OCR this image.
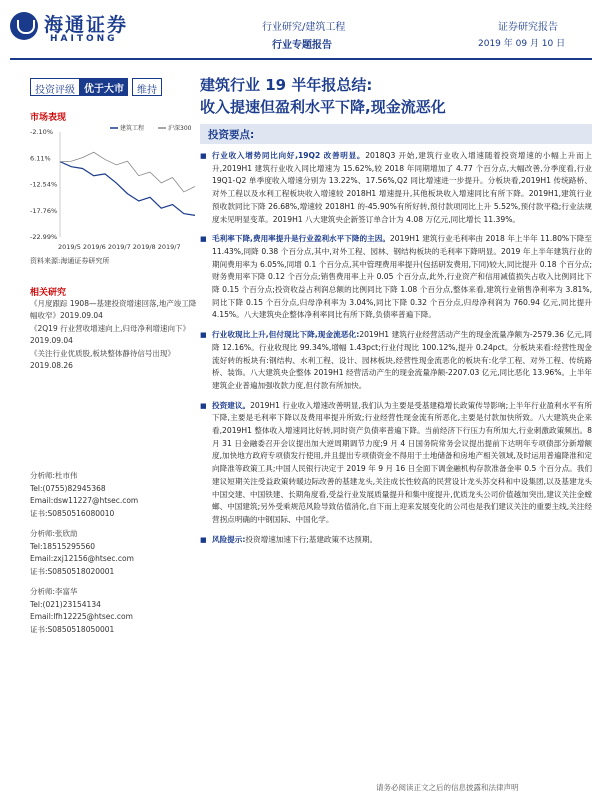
海通证券
HAITONG
行业研究/建筑工程
行业专题报告
证券研究报告
2019 年 09 月 10 日
投资评级 优于大市	维持	建筑行业 19 半年报总结:
收入提速但盈利水平下降,现金流恶化
市场表现
-2.10%
6.11%
-12.54%
-17.76%
-22.99%
建筑工程	沪深300
2019/5 2019/6 2019/7 2019/8 2019/7
资料来源:海通证券研究所
相关研究
《月度跟踪 1908—基建投资增速回落,地产竣工降幅收窄》2019.09.04
《2Q19 行业营收增速向上,归母净利增速向下》2019.09.04
《关注行业优质股,板块整体静待信号出现》2019.08.26
分析师:杜市伟
Tel:(0755)82945368
Email:dsw11227@htsec.com
证书:S0850516080010
分析师:张欣劼
Tel:18515295560
Email:zxj12156@htsec.com
证书:S0850518020001
分析师:李富华
Tel:(021)23154134
Email:lfh12225@htsec.com
证书:S0850518050001
投资要点:
■ 行业收入增势同比向好,19Q2 改善明显。2018Q3 开始,建筑行业收入增速随着投资增速的小幅上升而上升,2019H1 建筑行业收入同比增速为 15.62%,较 2018 年同期增加了 4.77 个百分点,大幅改善,分季度看,行业 19Q1-Q2 单季度收入增速分别为 13.22%、17.56%,Q2 同比增速进一步提升。分板块看,2019H1 传统路桥、对外工程以及水利工程板块收入增速较 2018H1 增速提升,其他板块收入增速同比有所下降。2019H1,建筑行业预收款同比下降 26.68%,增速较 2018H1 的-45.90%有所好转,预付款项同比上升 5.52%,预付款平稳;行业法规度未见明显变革。2019H1 八大建筑央企新签订单合计为 4.08 万亿元,同比增长 11.39%。
■ 毛利率下降,费用率提升是行业盈利水平下降的主因。2019H1 建筑行业毛利率由 2018 年上半年 11.80%下降至 11.43%,同降 0.38 个百分点,其中,对外工程、园林、钢结构板块的毛利率下降明显。2019 年上半年建筑行业的期间费用率为 6.05%,同增 0.1 个百分点,其中管理费用率提升(包括研发费用,下同)较大,同比提升 0.18 个百分点;财务费用率下降 0.12 个百分点;销售费用率上升 0.05 个百分点,此外,行业资产和信用减值损失占收入比例同比下降 0.15 个百分点;投资收益占利润总额的比例同比下降 1.08 个百分点,整体来看,建筑行业销售净利率为 3.81%,同比下降 0.15 个百分点,归母净利率为 3.04%,同比下降 0.32 个百分点,归母净利润为 760.94 亿元,同比提升 4.15%。八大建筑央企整体净利率同比有所下降,负债率普遍下降。
■ 行业收现比上升,但付现比下降,现金流恶化:2019H1 建筑行业经营活动产生的现金流量净额为-2579.36 亿元,同降 12.16%。行业收现比 99.34%,增幅 1.43pct;行业付现比 100.12%,提升 0.24pct。分板块来看:经营性现金流好转的板块有:钢结构、水利工程、设计、园林板块,经营性现金流恶化的板块有:化学工程、对外工程、传统路桥、装饰。八大建筑央企整体 2019H1 经营活动产生的现金流量净额-2207.03 亿元,同比恶化 13.96%。上半年建筑企业普遍加强收款力度,但付款有所加快。
■ 投资建议。2019H1 行业收入增速改善明显,我们认为主要是受基建稳增长政策传导影响;上半年行业盈利水平有所下降,主要是毛利率下降以及费用率提升所致;行业经营性现金流有所恶化,主要是付款加快所致。八大建筑央企来看,2019H1 整体收入增速同比好转,同时资产负债率普遍下降。当前经济下行压力有所加大,行业刺激政策频出。8 月 31 日金融委召开会议提出加大逆周期调节力度;9 月 4 日国务院常务会议提出提前下达明年专项债部分新增额度,加快地方政府专项债发行使用,并且提出专项债资金不得用于土地储备和房地产相关领域,及时运用普遍降准和定向降准等政策工具;中国人民银行决定于 2019 年 9 月 16 日全面下调金融机构存款准备金率 0.5 个百分点。我们建议短期关注受益政策转暖边际改善的基建龙头,关注成长性较高的民营设计龙头苏交科和中设集团,以及基建龙头中国交建、中国铁建、长期角度看,受益行业发展质量提升和集中度提升,优质龙头公司价值越加突出,建议关注金螳螂、中国建筑;另外受乘规范风险导致估值消化,自下而上迎来发展变化的公司也是我们建议关注的重要主线,关注经营拐点明确的中钢国际、中国化学。
■ 风险提示:投资增速加速下行;基建政策不达预期。
请务必阅读正文之后的信息披露和法律声明
